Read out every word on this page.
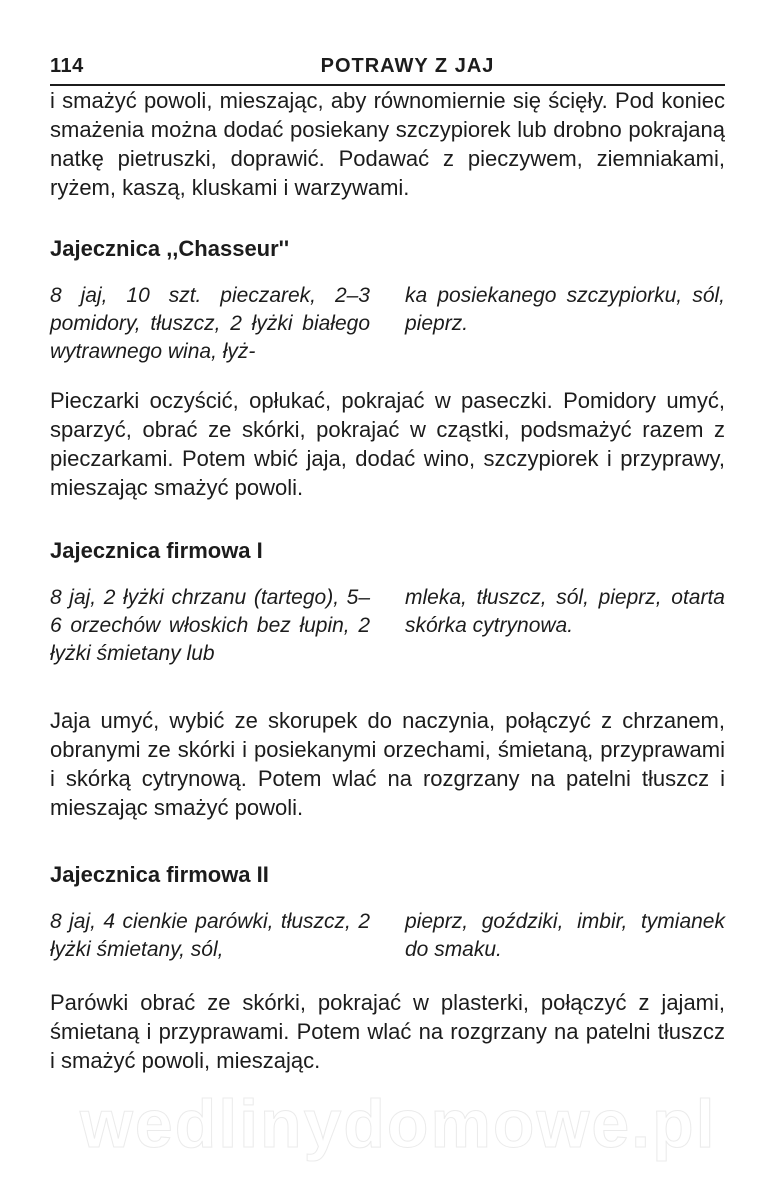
114	POTRAWY Z JAJ

i smażyć powoli, mieszając, aby równomiernie się ścięły. Pod koniec smażenia można dodać posiekany szczypiorek lub drobno pokrajaną natkę pietruszki, doprawić. Podawać z pieczywem, ziemniakami, ryżem, kaszą, kluskami i warzywami.

Jajecznica ,,Chasseur''
8 jaj, 10 szt. pieczarek, 2–3 pomidory, tłuszcz, 2 łyżki białego wytrawnego wina, łyż-
ka posiekanego szczypiorku, sól, pieprz.

Pieczarki oczyścić, opłukać, pokrajać w paseczki. Pomidory umyć, sparzyć, obrać ze skórki, pokrajać w cząstki, podsmażyć razem z pieczarkami. Potem wbić jaja, dodać wino, szczypiorek i przyprawy, mieszając smażyć powoli.

Jajecznica firmowa I
8 jaj, 2 łyżki chrzanu (tartego), 5–6 orzechów włoskich bez łupin, 2 łyżki śmietany lub
mleka, tłuszcz, sól, pieprz, otarta skórka cytrynowa.

Jaja umyć, wybić ze skorupek do naczynia, połączyć z chrzanem, obranymi ze skórki i posiekanymi orzechami, śmietaną, przyprawami i skórką cytrynową. Potem wlać na rozgrzany na patelni tłuszcz i mieszając smażyć powoli.

Jajecznica firmowa II
8 jaj, 4 cienkie parówki, tłuszcz, 2 łyżki śmietany, sól,
pieprz, goździki, imbir, tymianek do smaku.

Parówki obrać ze skórki, pokrajać w plasterki, połączyć z jajami, śmietaną i przyprawami. Potem wlać na rozgrzany na patelni tłuszcz i smażyć powoli, mieszając.

wedlinydomowe.pl
